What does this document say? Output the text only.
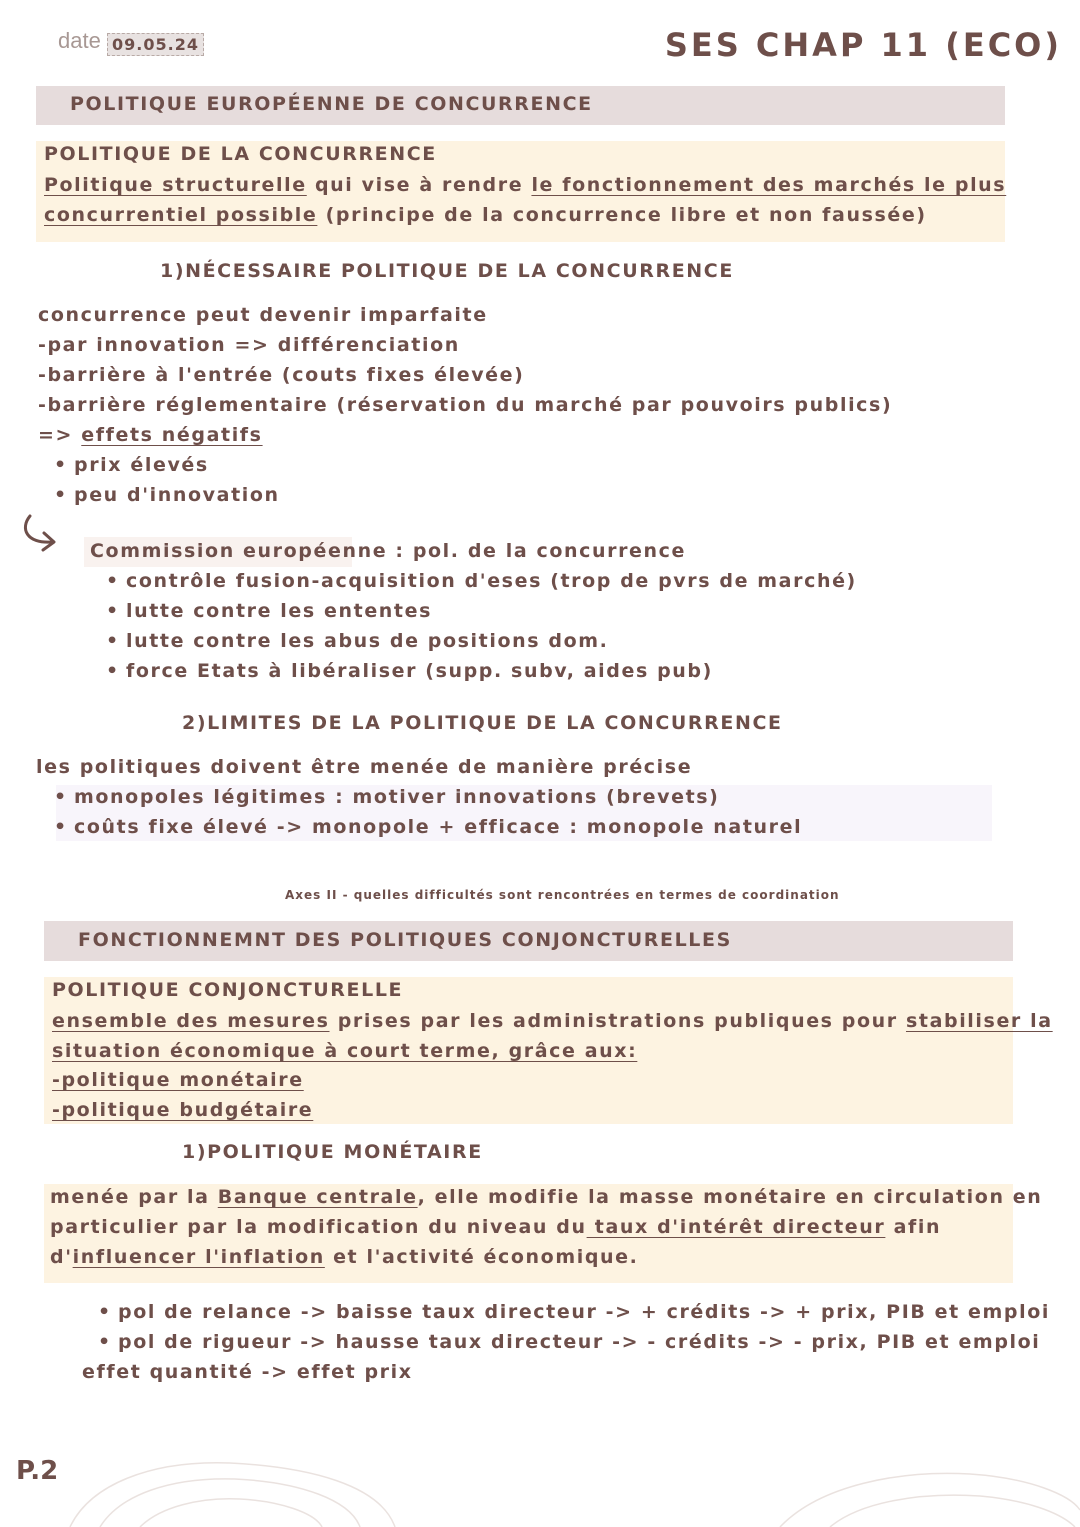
date 09.05.24	SES CHAP 11 (ECO)
POLITIQUE EUROPÉENNE DE CONCURRENCE
POLITIQUE DE LA CONCURRENCE
Politique structurelle qui vise à rendre le fonctionnement des marchés le plus
concurrentiel possible (principe de la concurrence libre et non faussée)
1)NÉCESSAIRE POLITIQUE DE LA CONCURRENCE
concurrence peut devenir imparfaite
-par innovation => différenciation
-barrière à l'entrée (couts fixes élevée)
-barrière réglementaire (réservation du marché par pouvoirs publics)
=> effets négatifs
• prix élevés
• peu d'innovation
Commission européenne : pol. de la concurrence
• contrôle fusion-acquisition d'eses (trop de pvrs de marché)
• lutte contre les ententes
• lutte contre les abus de positions dom.
• force Etats à libéraliser (supp. subv, aides pub)
2)LIMITES DE LA POLITIQUE DE LA CONCURRENCE
les politiques doivent être menée de manière précise
• monopoles légitimes : motiver innovations (brevets)
• coûts fixe élevé -> monopole + efficace : monopole naturel
Axes II - quelles difficultés sont rencontrées en termes de coordination
FONCTIONNEMNT DES POLITIQUES CONJONCTURELLES
POLITIQUE CONJONCTURELLE
ensemble des mesures prises par les administrations publiques pour stabiliser la
situation économique à court terme, grâce aux:
-politique monétaire
-politique budgétaire
1)POLITIQUE MONÉTAIRE
menée par la Banque centrale, elle modifie la masse monétaire en circulation en
particulier par la modification du niveau du taux d'intérêt directeur afin
d'influencer l'inflation et l'activité économique.
• pol de relance -> baisse taux directeur -> + crédits -> + prix, PIB et emploi
• pol de rigueur -> hausse taux directeur -> - crédits -> - prix, PIB et emploi
effet quantité -> effet prix
P.2
